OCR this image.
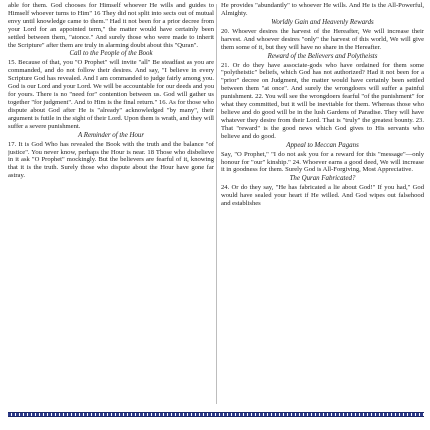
able for them. God chooses for Himself whoever He wills and guides to Himself whoever turns to Him" 16 They did not split into sects out of mutual envy until knowledge came to them." Had it not been for a prior decree from your Lord for an appointed term," the matter would have certainly been settled between them, "atonce." And surely those who were made to inherit the Scripture" after them are truly in alarming doubt about this "Quran".

Call to the People of the Book

15. Because of that, you "O Prophet" will invite "all" Be steadfast as you are commanded, and do not follow their desires. And say, "I believe in every Scripture God has revealed. And I am commanded to judge fairly among you. God is our Lord and your Lord. We will be accountable for our deeds and you for yours. There is no "need for" contention between us. God will gather us together "for judgment". And to Him is the final return." 16. As for those who dispute about God after He is "already" acknowledged "by many", their argument is futile in the sight of their Lord. Upon them is wrath, and they will suffer a severe punishment.

A Reminder of the Hour

17. It is God Who has revealed the Book with the truth and the balance "of justice". You never know, perhaps the Hour is near. 18 Those who disbelieve in it ask "O Prophet" mockingly. But the believers are fearful of it, knowing that it is the truth. Surely those who dispute about the Hour have gone far astray.

He provides "abundantly" to whoever He wills. And He is the All-Powerful, Almighty.

Worldly Gain and Heavenly Rewards

20. Whoever desires the harvest of the Hereafter, We will increase their harvest. And whoever desires "only" the harvest of this world, We will give them some of it, but they will have no share in the Hereafter.

Reward of the Believers and Polytheists

21. Or do they have associate-gods who have ordained for them some "polytheistic" beliefs, which God has not authorized? Had it not been for a "prior" decree on Judgment, the matter would have certainly been settled between them "at once". And surely the wrongdoers will suffer a painful punishment. 22. You will see the wrongdoers fearful "of the punishment" for what they committed, but it will be inevitable for them. Whereas those who believe and do good will be in the lush Gardens of Paradise. They will have whatever they desire from their Lord. That is "truly" the greatest bounty. 23. That "reward" is the good news which God gives to His servants who believe and do good.

Appeal to Meccan Pagans

Say, "O Prophet," "I do not ask you for a reward for this "message"—only honour for "our" kinship." 24. Whoever earns a good deed, We will increase it in goodness for them. Surely God is All-Forgiving, Most Appreciative.

The Quran Fabricated?

24. Or do they say, "He has fabricated a lie about God!" If you had," God would have sealed your heart if He willed. And God wipes out falsehood and establishes
